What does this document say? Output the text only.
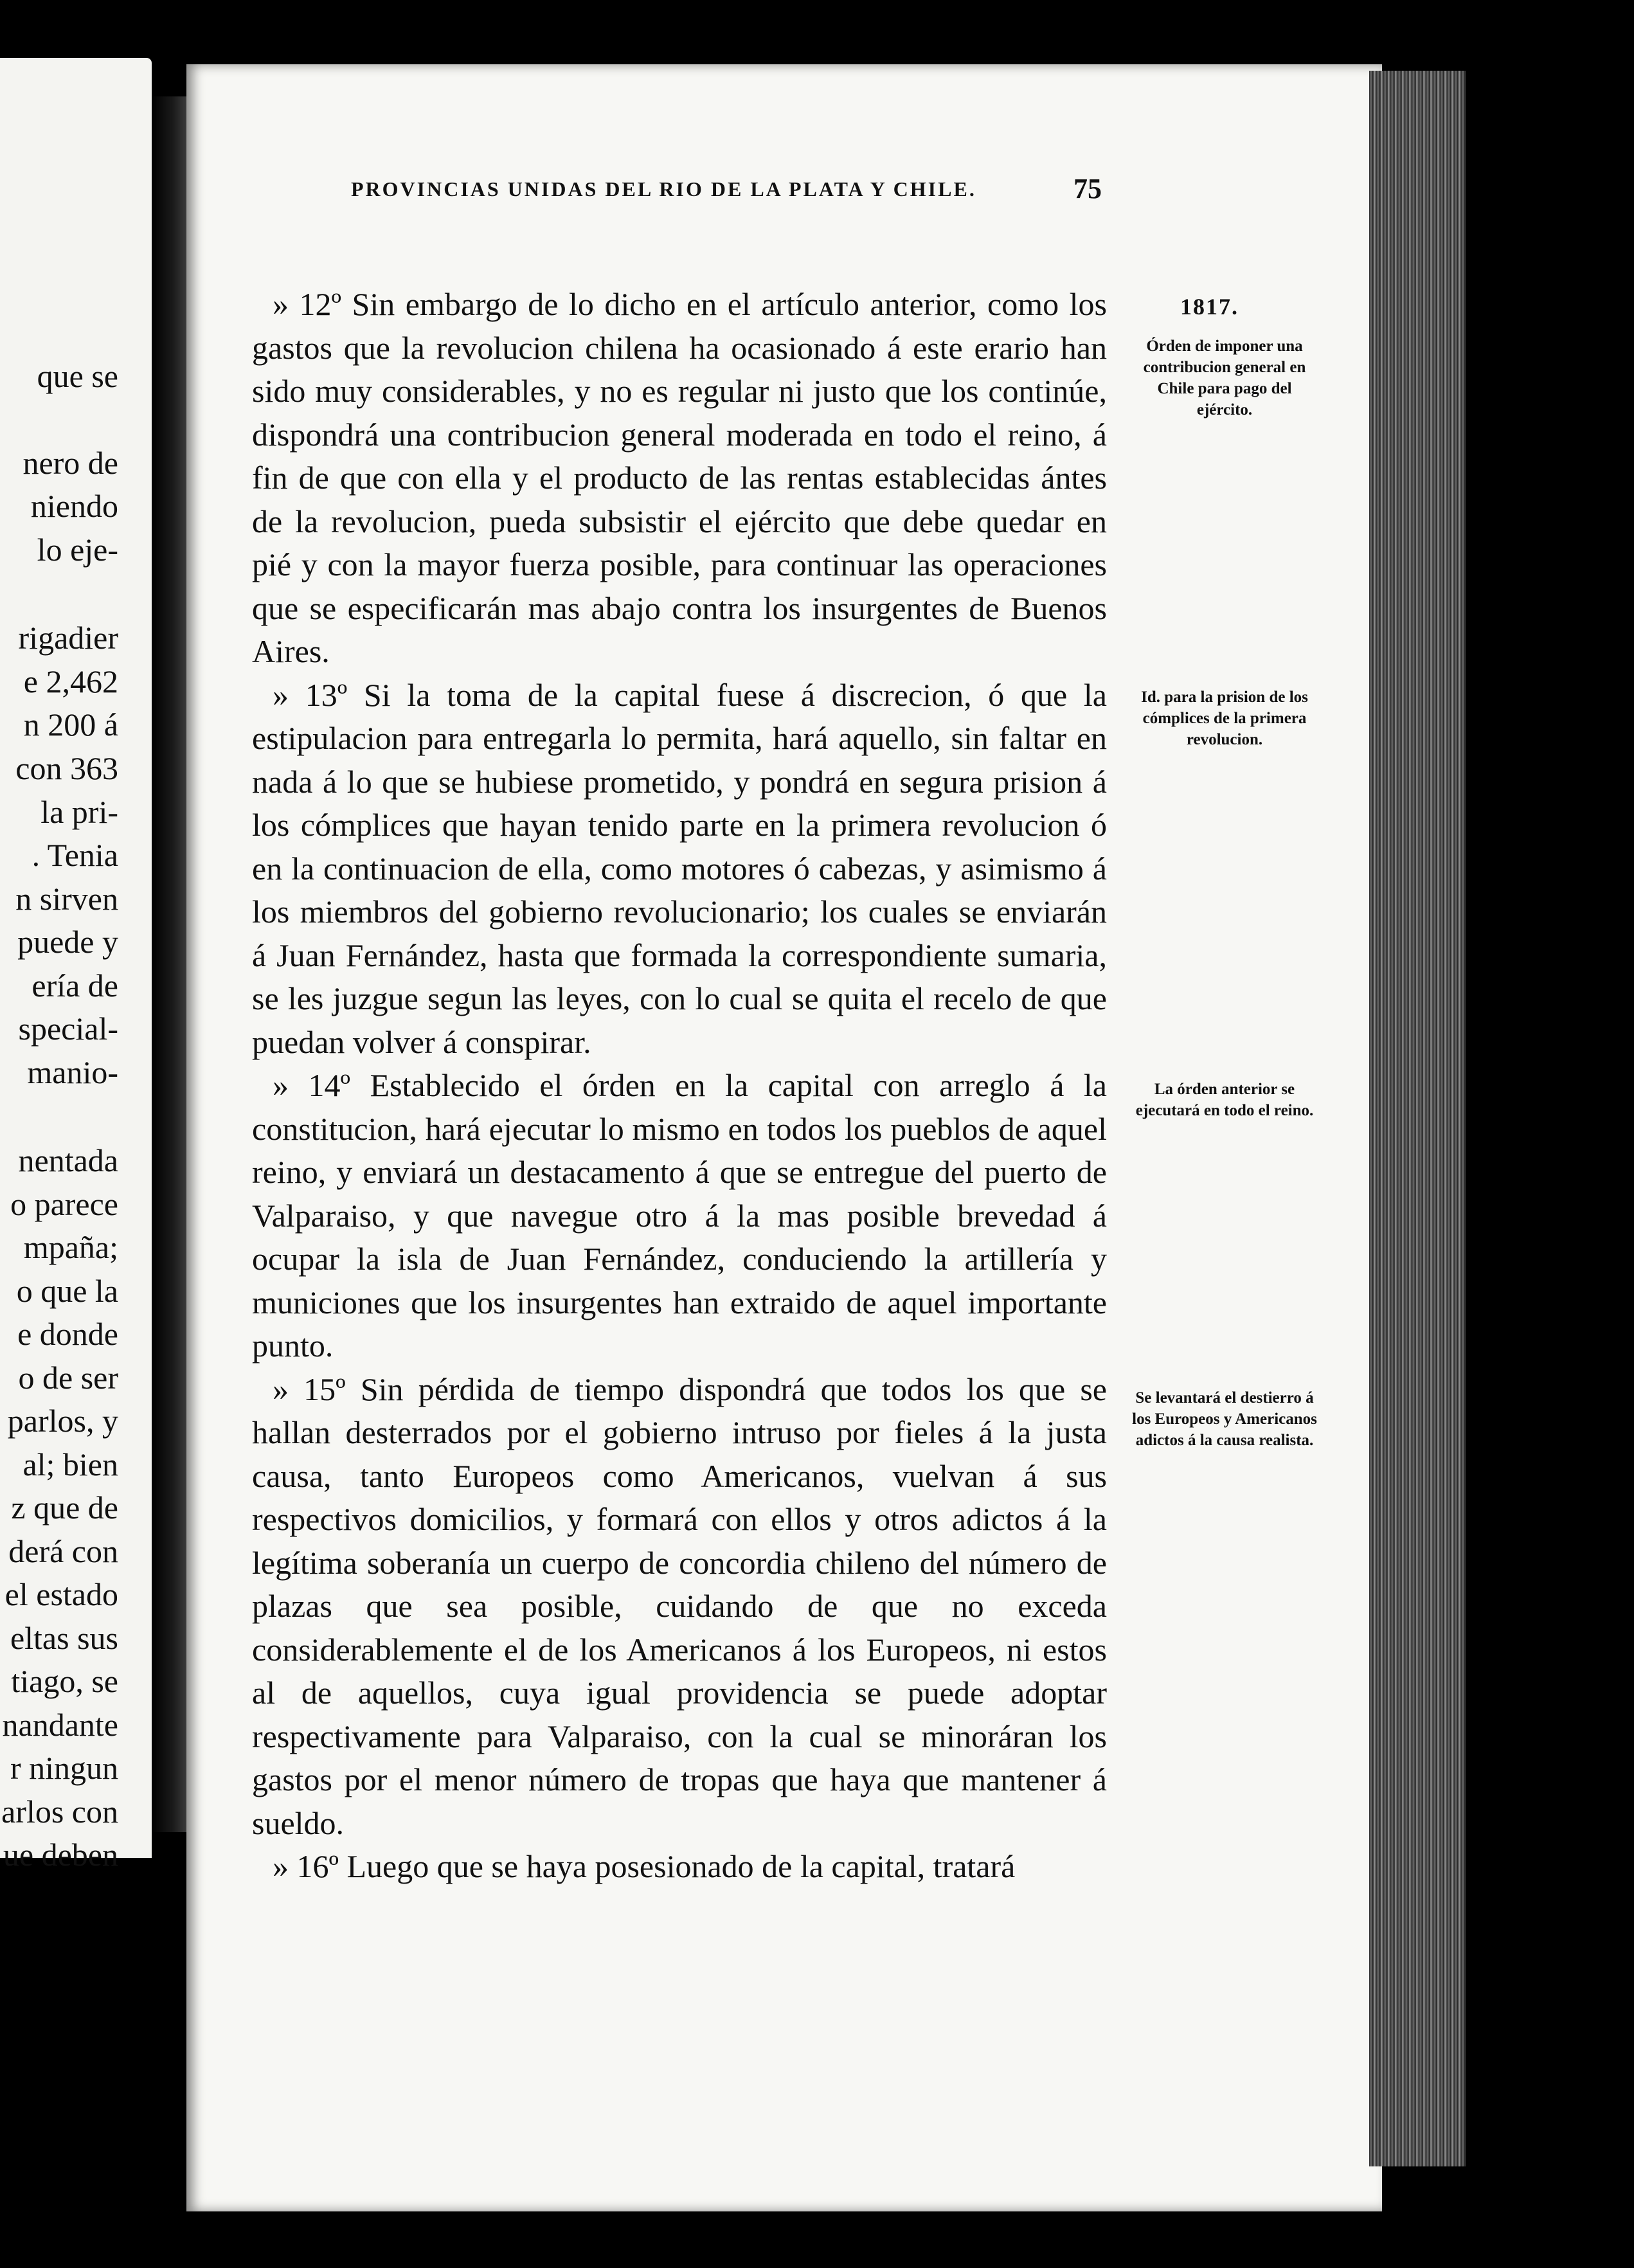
que se
nero de
niendo
lo eje-
rigadier
e 2,462
n 200 á
con 363
la pri-
. Tenia
n sirven
puede y
ería de
special-
manio-
nentada
o parece
mpaña;
o que la
e donde
o de ser
parlos, y
al; bien
z que de
derá con
el estado
eltas sus
tiago, se
nandante
r ningun
arlos con
ue deben
PROVINCIAS UNIDAS DEL RIO DE LA PLATA Y CHILE.	75

» 12º Sin embargo de lo dicho en el artículo anterior, como los gastos que la revolucion chilena ha ocasionado á este erario han sido muy considerables, y no es regular ni justo que los continúe, dispondrá una contribucion general moderada en todo el reino, á fin de que con ella y el producto de las rentas establecidas ántes de la revolucion, pueda subsistir el ejército que debe quedar en pié y con la mayor fuerza posible, para continuar las operaciones que se especificarán mas abajo contra los insurgentes de Buenos Aires.

» 13º Si la toma de la capital fuese á discrecion, ó que la estipulacion para entregarla lo permita, hará aquello, sin faltar en nada á lo que se hubiese prometido, y pondrá en segura prision á los cómplices que hayan tenido parte en la primera revolucion ó en la continuacion de ella, como motores ó cabezas, y asimismo á los miembros del gobierno revolucionario; los cuales se enviarán á Juan Fernández, hasta que formada la correspondiente sumaria, se les juzgue segun las leyes, con lo cual se quita el recelo de que puedan volver á conspirar.

» 14º Establecido el órden en la capital con arreglo á la constitucion, hará ejecutar lo mismo en todos los pueblos de aquel reino, y enviará un destacamento á que se entregue del puerto de Valparaiso, y que navegue otro á la mas posible brevedad á ocupar la isla de Juan Fernández, conduciendo la artillería y municiones que los insurgentes han extraido de aquel importante punto.

» 15º Sin pérdida de tiempo dispondrá que todos los que se hallan desterrados por el gobierno intruso por fieles á la justa causa, tanto Europeos como Americanos, vuelvan á sus respectivos domicilios, y formará con ellos y otros adictos á la legítima soberanía un cuerpo de concordia chileno del número de plazas que sea posible, cuidando de que no exceda considerablemente el de los Americanos á los Europeos, ni estos al de aquellos, cuya igual providencia se puede adoptar respectivamente para Valparaiso, con la cual se minoráran los gastos por el menor número de tropas que haya que mantener á sueldo.

» 16º Luego que se haya posesionado de la capital, tratará

1817.
Órden de imponer una contribucion general en Chile para pago del ejército.
Id. para la prision de los cómplices de la primera revolucion.
La órden anterior se ejecutará en todo el reino.
Se levantará el destierro á los Europeos y Americanos adictos á la causa realista.
